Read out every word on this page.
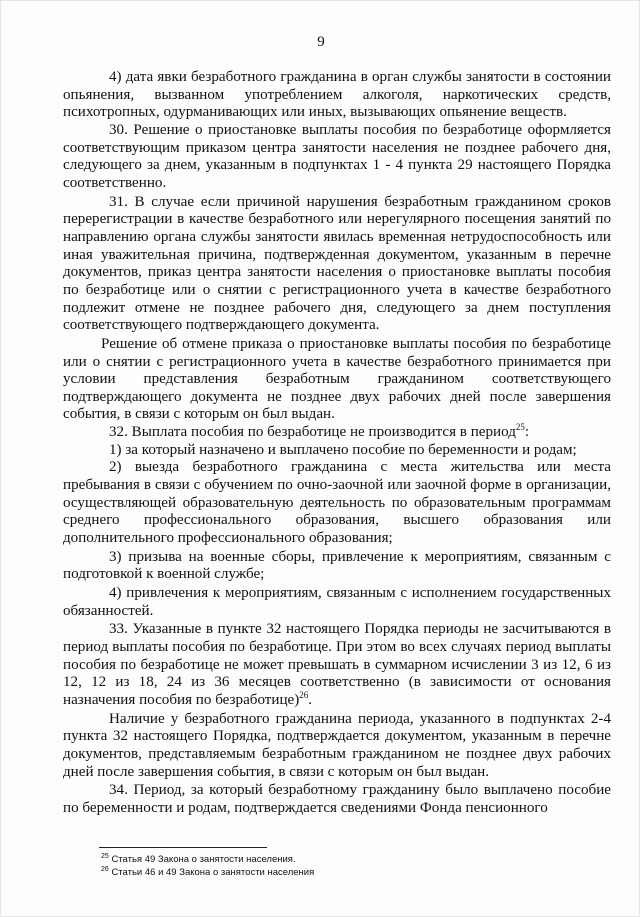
9

4) дата явки безработного гражданина в орган службы занятости в состоянии опьянения, вызванном употреблением алкоголя, наркотических средств, психотропных, одурманивающих или иных, вызывающих опьянение веществ.

30. Решение о приостановке выплаты пособия по безработице оформляется соответствующим приказом центра занятости населения не позднее рабочего дня, следующего за днем, указанным в подпунктах 1 - 4 пункта 29 настоящего Порядка соответственно.

31. В случае если причиной нарушения безработным гражданином сроков перерегистрации в качестве безработного или нерегулярного посещения занятий по направлению органа службы занятости явилась временная нетрудоспособность или иная уважительная причина, подтвержденная документом, указанным в перечне документов, приказ центра занятости населения о приостановке выплаты пособия по безработице или о снятии с регистрационного учета в качестве безработного подлежит отмене не позднее рабочего дня, следующего за днем поступления соответствующего подтверждающего документа.

Решение об отмене приказа о приостановке выплаты пособия по безработице или о снятии с регистрационного учета в качестве безработного принимается при условии представления безработным гражданином соответствующего подтверждающего документа не позднее двух рабочих дней после завершения события, в связи с которым он был выдан.

32. Выплата пособия по безработице не производится в период$^{25}$:

1) за который назначено и выплачено пособие по беременности и родам;

2) выезда безработного гражданина с места жительства или места пребывания в связи с обучением по очно-заочной или заочной форме в организации, осуществляющей образовательную деятельность по образовательным программам среднего профессионального образования, высшего образования или дополнительного профессионального образования;

3) призыва на военные сборы, привлечение к мероприятиям, связанным с подготовкой к военной службе;

4) привлечения к мероприятиям, связанным с исполнением государственных обязанностей.

33. Указанные в пункте 32 настоящего Порядка периоды не засчитываются в период выплаты пособия по безработице. При этом во всех случаях период выплаты пособия по безработице не может превышать в суммарном исчислении 3 из 12, 6 из 12, 12 из 18, 24 из 36 месяцев соответственно (в зависимости от основания назначения пособия по безработице)$^{26}$.

Наличие у безработного гражданина периода, указанного в подпунктах 2-4 пункта 32 настоящего Порядка, подтверждается документом, указанным в перечне документов, представляемым безработным гражданином не позднее двух рабочих дней после завершения события, в связи с которым он был выдан.

34. Период, за который безработному гражданину было выплачено пособие по беременности и родам, подтверждается сведениями Фонда пенсионного

$^{25}$ Статья 49 Закона о занятости населения.
$^{26}$ Статьи 46 и 49 Закона о занятости населения
